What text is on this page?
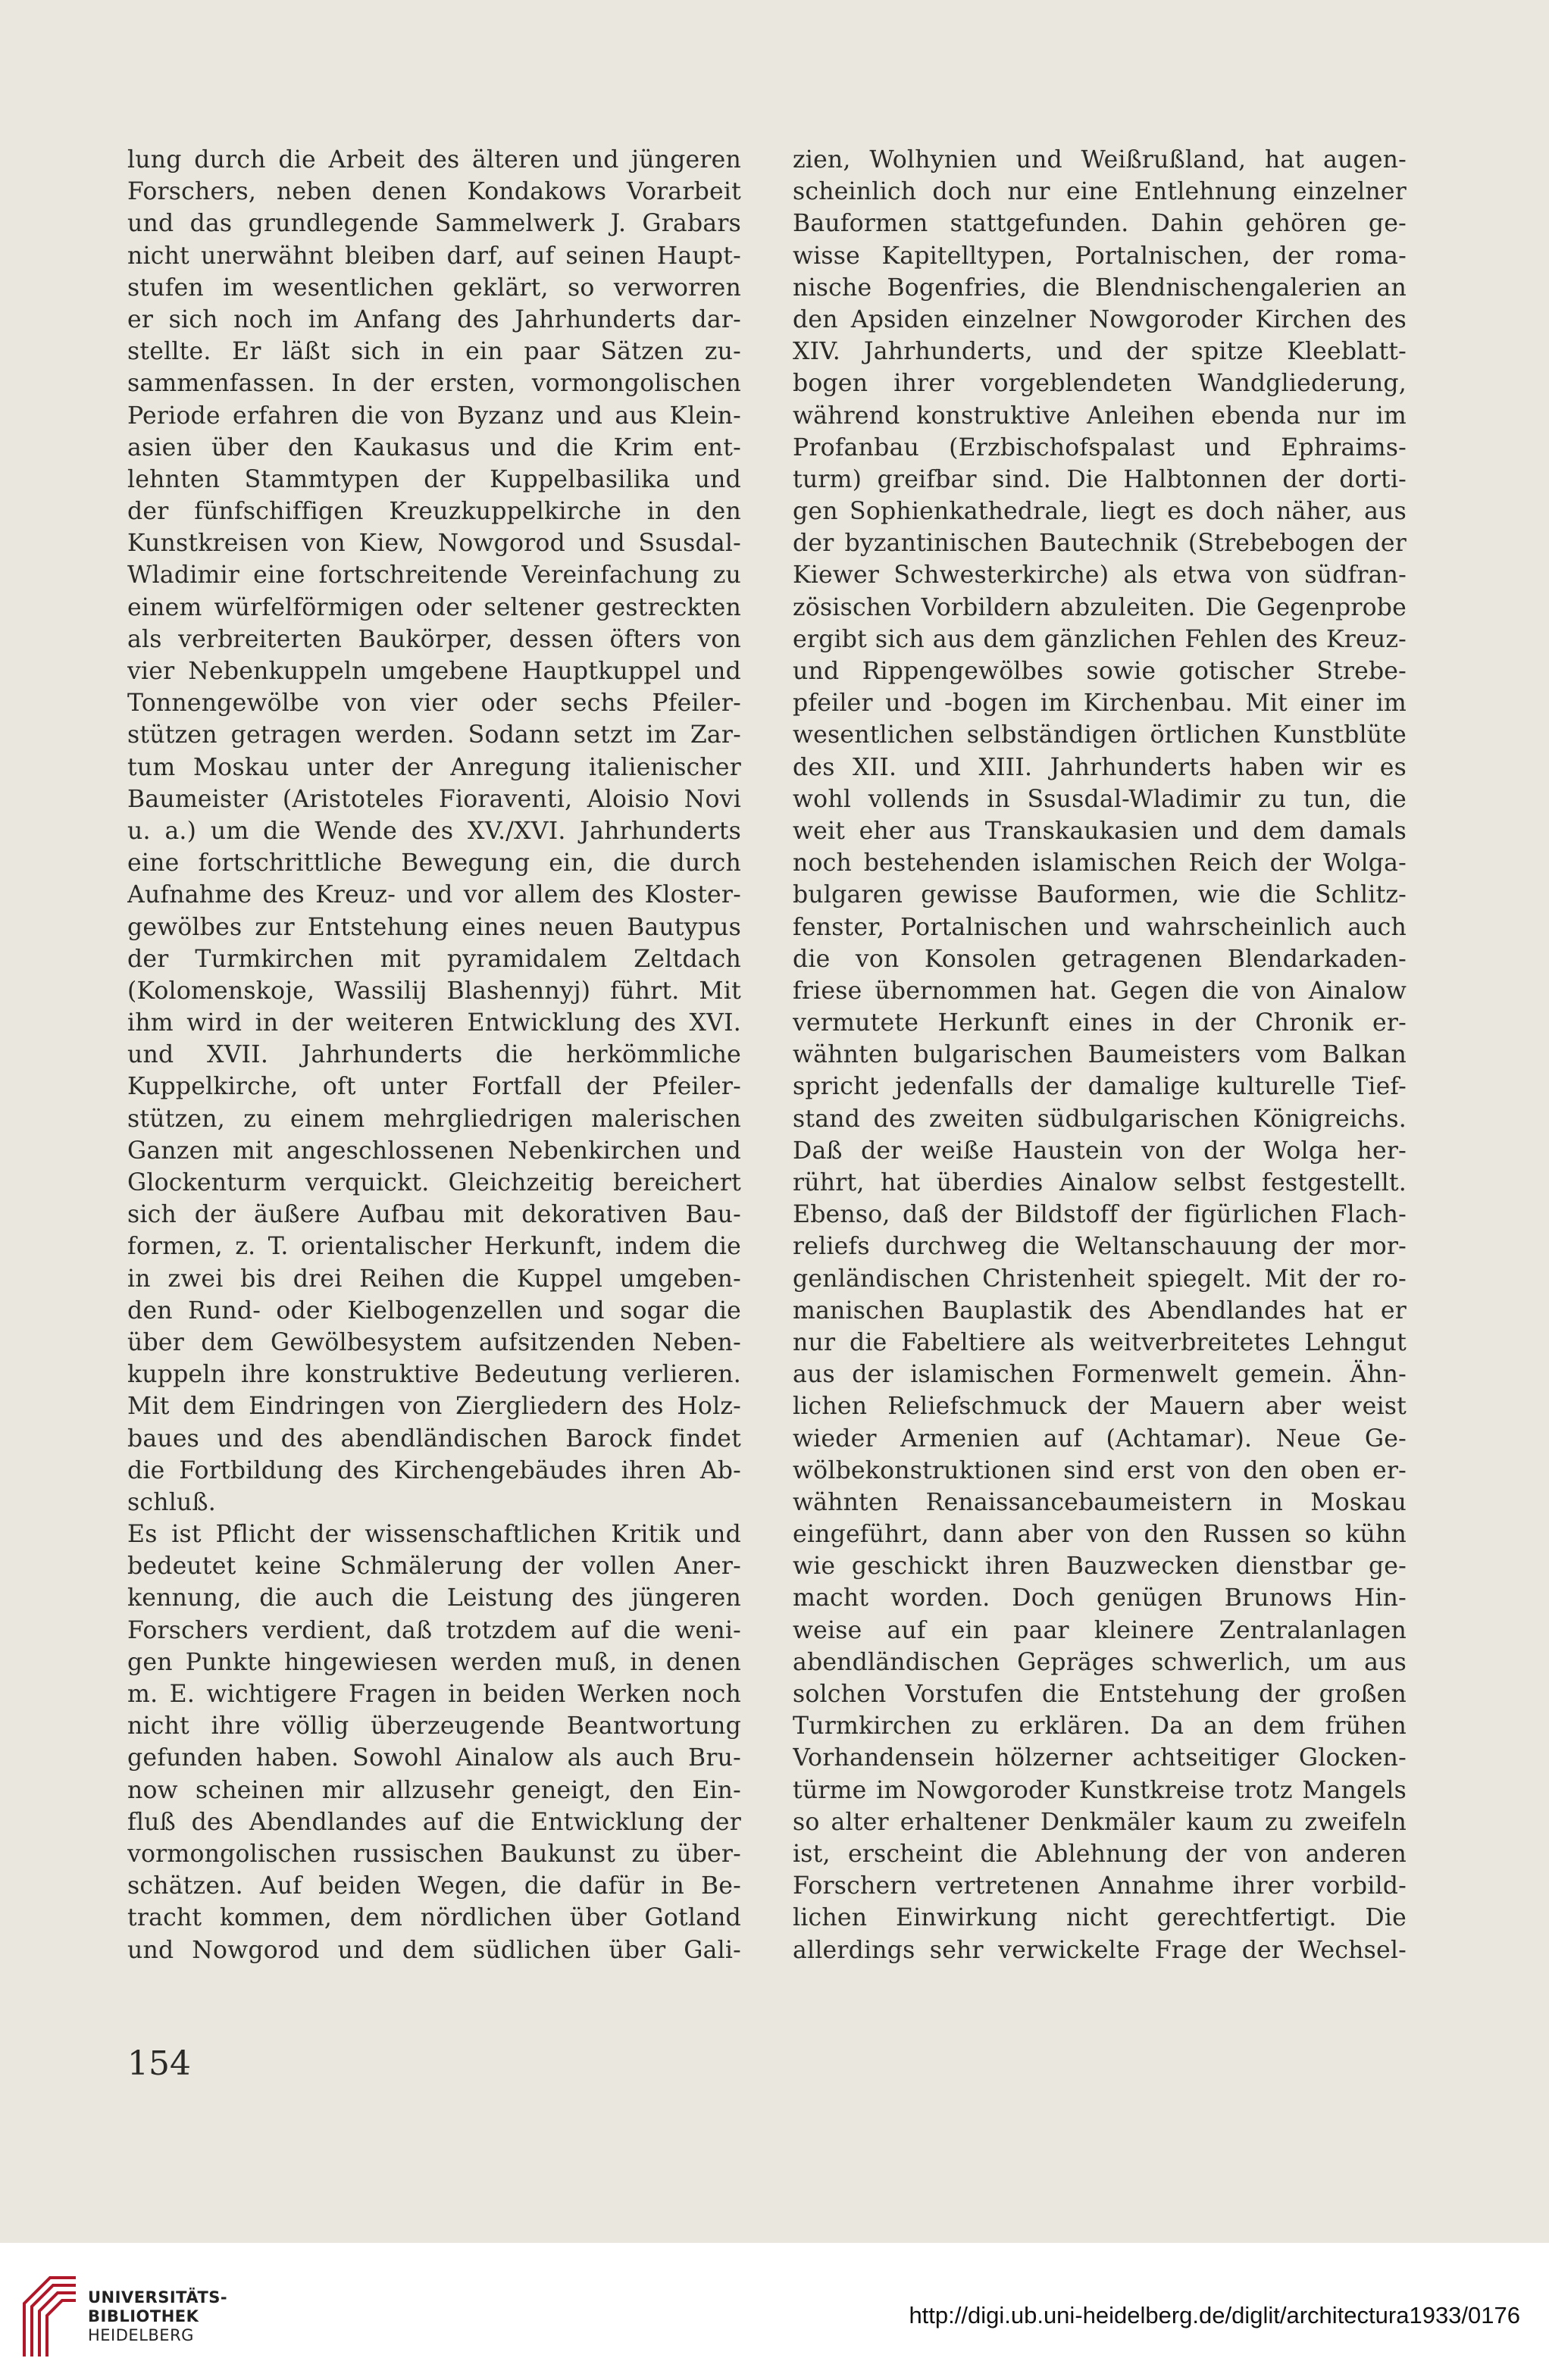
lung durch die Arbeit des älteren und jüngeren
Forschers, neben denen Kondakows Vorarbeit
und das grundlegende Sammelwerk J. Grabars
nicht unerwähnt bleiben darf, auf seinen Haupt-
stufen im wesentlichen geklärt, so verworren
er sich noch im Anfang des Jahrhunderts dar-
stellte. Er läßt sich in ein paar Sätzen zu-
sammenfassen. In der ersten, vormongolischen
Periode erfahren die von Byzanz und aus Klein-
asien über den Kaukasus und die Krim ent-
lehnten Stammtypen der Kuppelbasilika und
der fünfschiffigen Kreuzkuppelkirche in den
Kunstkreisen von Kiew, Nowgorod und Ssusdal-
Wladimir eine fortschreitende Vereinfachung zu
einem würfelförmigen oder seltener gestreckten
als verbreiterten Baukörper, dessen öfters von
vier Nebenkuppeln umgebene Hauptkuppel und
Tonnengewölbe von vier oder sechs Pfeiler-
stützen getragen werden. Sodann setzt im Zar-
tum Moskau unter der Anregung italienischer
Baumeister (Aristoteles Fioraventi, Aloisio Novi
u. a.) um die Wende des XV./XVI. Jahrhunderts
eine fortschrittliche Bewegung ein, die durch
Aufnahme des Kreuz- und vor allem des Kloster-
gewölbes zur Entstehung eines neuen Bautypus
der Turmkirchen mit pyramidalem Zeltdach
(Kolomenskoje, Wassilij Blashennyj) führt. Mit
ihm wird in der weiteren Entwicklung des XVI.
und XVII. Jahrhunderts die herkömmliche
Kuppelkirche, oft unter Fortfall der Pfeiler-
stützen, zu einem mehrgliedrigen malerischen
Ganzen mit angeschlossenen Nebenkirchen und
Glockenturm verquickt. Gleichzeitig bereichert
sich der äußere Aufbau mit dekorativen Bau-
formen, z. T. orientalischer Herkunft, indem die
in zwei bis drei Reihen die Kuppel umgeben-
den Rund- oder Kielbogenzellen und sogar die
über dem Gewölbesystem aufsitzenden Neben-
kuppeln ihre konstruktive Bedeutung verlieren.
Mit dem Eindringen von Ziergliedern des Holz-
baues und des abendländischen Barock findet
die Fortbildung des Kirchengebäudes ihren Ab-
schluß.
Es ist Pflicht der wissenschaftlichen Kritik und
bedeutet keine Schmälerung der vollen Aner-
kennung, die auch die Leistung des jüngeren
Forschers verdient, daß trotzdem auf die weni-
gen Punkte hingewiesen werden muß, in denen
m. E. wichtigere Fragen in beiden Werken noch
nicht ihre völlig überzeugende Beantwortung
gefunden haben. Sowohl Ainalow als auch Bru-
now scheinen mir allzusehr geneigt, den Ein-
fluß des Abendlandes auf die Entwicklung der
vormongolischen russischen Baukunst zu über-
schätzen. Auf beiden Wegen, die dafür in Be-
tracht kommen, dem nördlichen über Gotland
und Nowgorod und dem südlichen über Gali-
zien, Wolhynien und Weißrußland, hat augen-
scheinlich doch nur eine Entlehnung einzelner
Bauformen stattgefunden. Dahin gehören ge-
wisse Kapitelltypen, Portalnischen, der roma-
nische Bogenfries, die Blendnischengalerien an
den Apsiden einzelner Nowgoroder Kirchen des
XIV. Jahrhunderts, und der spitze Kleeblatt-
bogen ihrer vorgeblendeten Wandgliederung,
während konstruktive Anleihen ebenda nur im
Profanbau (Erzbischofspalast und Ephraims-
turm) greifbar sind. Die Halbtonnen der dorti-
gen Sophienkathedrale, liegt es doch näher, aus
der byzantinischen Bautechnik (Strebebogen der
Kiewer Schwesterkirche) als etwa von südfran-
zösischen Vorbildern abzuleiten. Die Gegenprobe
ergibt sich aus dem gänzlichen Fehlen des Kreuz-
und Rippengewölbes sowie gotischer Strebe-
pfeiler und -bogen im Kirchenbau. Mit einer im
wesentlichen selbständigen örtlichen Kunstblüte
des XII. und XIII. Jahrhunderts haben wir es
wohl vollends in Ssusdal-Wladimir zu tun, die
weit eher aus Transkaukasien und dem damals
noch bestehenden islamischen Reich der Wolga-
bulgaren gewisse Bauformen, wie die Schlitz-
fenster, Portalnischen und wahrscheinlich auch
die von Konsolen getragenen Blendarkaden-
friese übernommen hat. Gegen die von Ainalow
vermutete Herkunft eines in der Chronik er-
wähnten bulgarischen Baumeisters vom Balkan
spricht jedenfalls der damalige kulturelle Tief-
stand des zweiten südbulgarischen Königreichs.
Daß der weiße Haustein von der Wolga her-
rührt, hat überdies Ainalow selbst festgestellt.
Ebenso, daß der Bildstoff der figürlichen Flach-
reliefs durchweg die Weltanschauung der mor-
genländischen Christenheit spiegelt. Mit der ro-
manischen Bauplastik des Abendlandes hat er
nur die Fabeltiere als weitverbreitetes Lehngut
aus der islamischen Formenwelt gemein. Ähn-
lichen Reliefschmuck der Mauern aber weist
wieder Armenien auf (Achtamar). Neue Ge-
wölbekonstruktionen sind erst von den oben er-
wähnten Renaissancebaumeistern in Moskau
eingeführt, dann aber von den Russen so kühn
wie geschickt ihren Bauzwecken dienstbar ge-
macht worden. Doch genügen Brunows Hin-
weise auf ein paar kleinere Zentralanlagen
abendländischen Gepräges schwerlich, um aus
solchen Vorstufen die Entstehung der großen
Turmkirchen zu erklären. Da an dem frühen
Vorhandensein hölzerner achtseitiger Glocken-
türme im Nowgoroder Kunstkreise trotz Mangels
so alter erhaltener Denkmäler kaum zu zweifeln
ist, erscheint die Ablehnung der von anderen
Forschern vertretenen Annahme ihrer vorbild-
lichen Einwirkung nicht gerechtfertigt. Die
allerdings sehr verwickelte Frage der Wechsel-
154
UNIVERSITÄTS-
BIBLIOTHEK
HEIDELBERG
http://digi.ub.uni-heidelberg.de/diglit/architectura1933/0176
